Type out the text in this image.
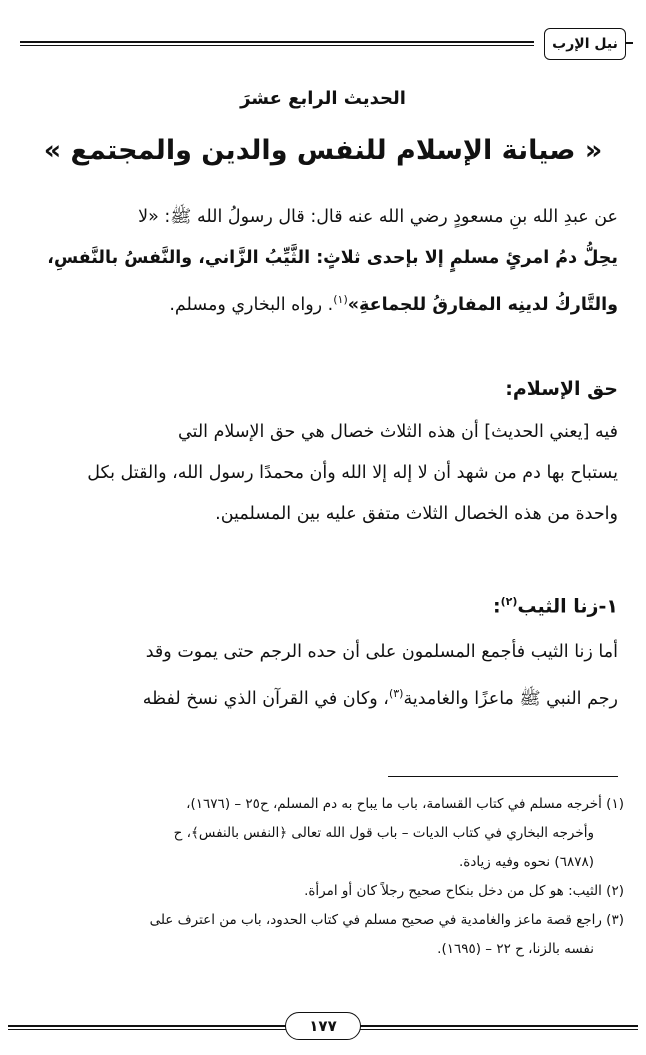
نيل الإرب
الحديث الرابع عشرَ
« صيانة الإسلام للنفس والدين والمجتمع »
عن عبدِ الله بنِ مسعودٍ رضي الله عنه قال: قال رسولُ الله ﷺ: «لا
يحِلُّ دمُ امرئٍ مسلمٍ إلا بإحدى ثلاثٍ: الثَّيِّبُ الزَّاني، والنَّفسُ بالنَّفسِ،
والتَّاركُ لدينِه المفارقُ للجماعةِ»$^{(١)}$. رواه البخاري ومسلم.
حق الإسلام:
فيه [يعني الحديث] أن هذه الثلاث خصال هي حق الإسلام التي
يستباح بها دم من شهد أن لا إله إلا الله وأن محمدًا رسول الله، والقتل بكل
واحدة من هذه الخصال الثلاث متفق عليه بين المسلمين.
١-زنا الثيب$^{(٢)}$:
أما زنا الثيب فأجمع المسلمون على أن حده الرجم حتى يموت وقد
رجم النبي ﷺ ماعزًا والغامدية$^{(٣)}$، وكان في القرآن الذي نسخ لفظه
(١) أخرجه مسلم في كتاب القسامة، باب ما يباح به دم المسلم، ح٢٥ – (١٦٧٦)،
وأخرجه البخاري في كتاب الديات – باب قول الله تعالى ﴿النفس بالنفس﴾، ح
(٦٨٧٨) نحوه وفيه زيادة.
(٢) الثيب: هو كل من دخل بنكاح صحيح رجلاً كان أو امرأة.
(٣) راجع قصة ماعز والغامدية في صحيح مسلم في كتاب الحدود، باب من اعترف على
نفسه بالزنا، ح ٢٢ – (١٦٩٥).
١٧٧
